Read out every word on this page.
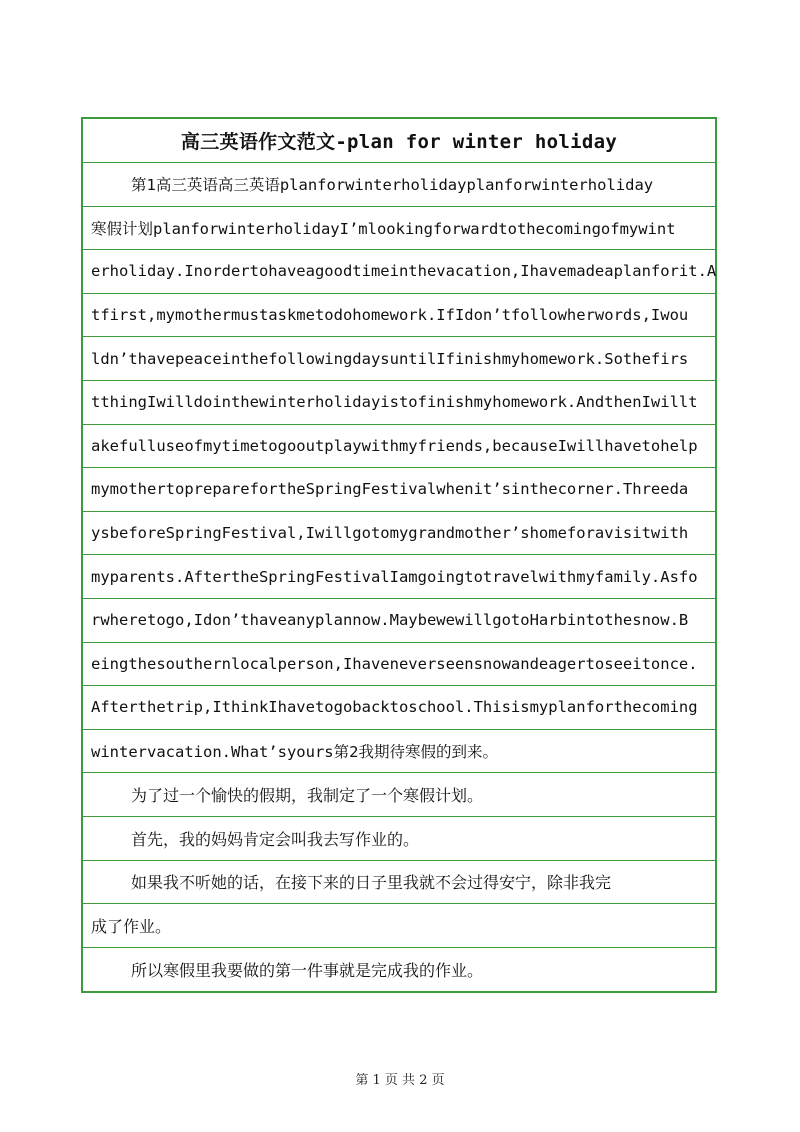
高三英语作文范文-plan for winter holiday
第1高三英语高三英语planforwinterholidayplanforwinterholiday
寒假计划planforwinterholidayI’mlookingforwardtothecomingofmywint
erholiday.Inordertohaveagoodtimeinthevacation,Ihavemadeaplanforit.A
tfirst,mymothermustaskmetodohomework.IfIdon’tfollowherwords,Iwou
ldn’thavepeaceinthefollowingdaysuntilIfinishmyhomework.Sothefirs
tthingIwilldointhewinterholidayistofinishmyhomework.AndthenIwillt
akefulluseofmytimetogooutplaywithmyfriends,becauseIwillhavetohelp
mymothertopreparefortheSpringFestivalwhenit’sinthecorner.Threeda
ysbeforeSpringFestival,Iwillgotomygrandmother’shomeforavisitwith
myparents.AftertheSpringFestivalIamgoingtotravelwithmyfamily.Asfo
rwheretogo,Idon’thaveanyplannow.MaybewewillgotoHarbintothesnow.B
eingthesouthernlocalperson,Ihaveneverseensnowandeagertoseeitonce.
Afterthetrip,IthinkIhavetogobacktoschool.Thisismyplanforthecoming
wintervacation.What’syours第2我期待寒假的到来。
为了过一个愉快的假期，我制定了一个寒假计划。
首先，我的妈妈肯定会叫我去写作业的。
如果我不听她的话，在接下来的日子里我就不会过得安宁，除非我完
成了作业。
所以寒假里我要做的第一件事就是完成我的作业。
第 1 页 共 2 页
